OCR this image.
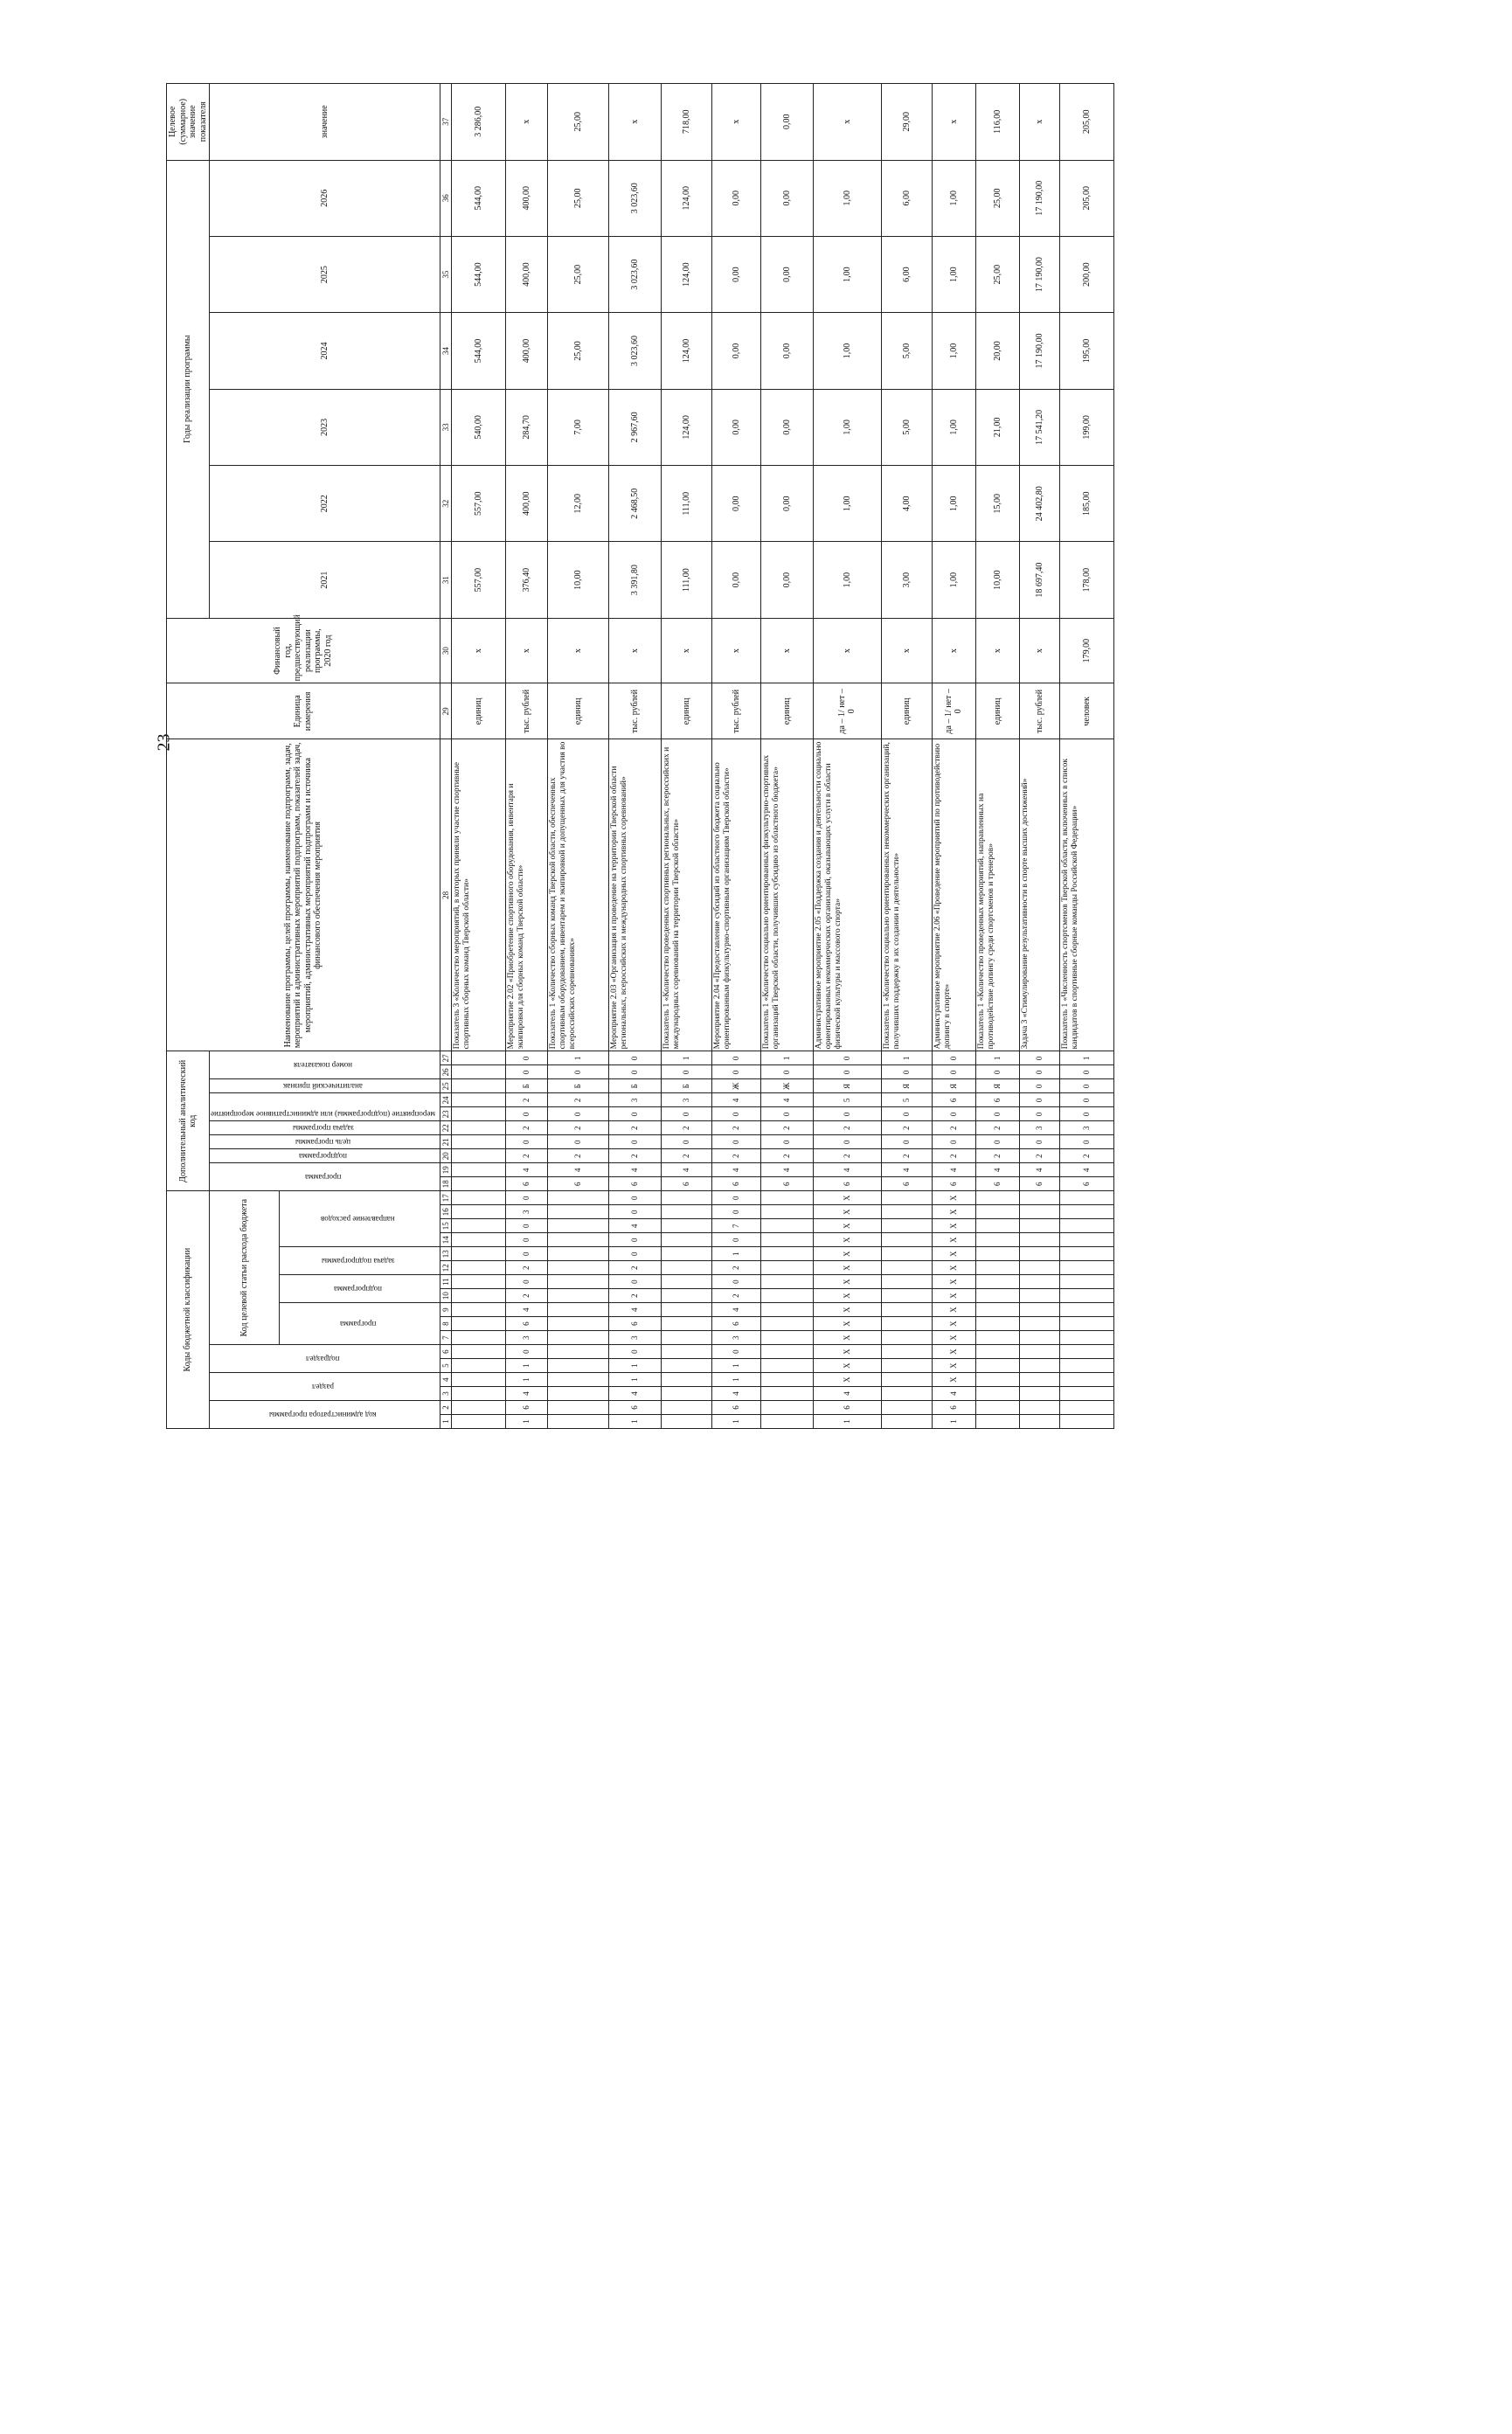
23
Коды бюджетной классификации																	Дополнительный аналитический код										Наименование программы, целей программы, наименование подпрограмм, задач, мероприятий и административных мероприятий подпрограмм, показателей задач, мероприятий, административных мероприятий подпрограмм и источника финансового обеспечения мероприятия	Единица измерения	Финансовый год, предшествующий реализации программы, 2020 год	Годы реализации программы						Целевое (суммарное) значение показателя
код администратора программы		раздел		подраздел		Код целевой статьи расхода бюджета											программа		подпрограмма	цель программы	задача программы	мероприятие (подпрограммы) или административное мероприятие		аналитический признак	номер показателя					2021	2022	2023	2024	2025	2026	значение
						программа			подпрограмма		задача подпрограммы		направление расходов																							
1	2	3	4	5	6	7	8	9	10	11	12	13	14	15	16	17	18	19	20	21	22	23	24	25	26	27	28	29	30	31	32	33	34	35	36	37
																											Показатель 3 «Количество мероприятий, в которых приняли участие спортивные спортивных сборных команд Тверской области»	единиц	x	557,00	557,00	540,00	544,00	544,00	544,00	3 286,00
1	6	4	1	1	0	3	6	4	2	0	2	0	0	0	3	0	6	4	2	0	2	0	2	Б	0	0	Мероприятие 2.02 «Приобретение спортивного оборудования, инвентаря и экипировки для сборных команд Тверской области»	тыс. рублей	x	376,40	400,00	284,70	400,00	400,00	400,00	x
																	6	4	2	0	2	0	2	Б	0	1	Показатель 1 «Количество сборных команд Тверской области, обеспеченных спортивным оборудованием, инвентарем и экипировкой и допущенных для участия во всероссийских соревнованиях»	единиц	x	10,00	12,00	7,00	25,00	25,00	25,00	25,00
1	6	4	1	1	0	3	6	4	2	0	2	0	0	4	0	0	6	4	2	0	2	0	3	Б	0	0	Мероприятие 2.03 «Организация и проведение на территории Тверской области региональных, всероссийских и международных спортивных соревнований»	тыс. рублей	x	3 391,80	2 468,50	2 967,60	3 023,60	3 023,60	3 023,60	x
																	6	4	2	0	2	0	3	Б	0	1	Показатель 1 «Количество проведенных спортивных региональных, всероссийских и международных соревнований на территории Тверской области»	единиц	x	111,00	111,00	124,00	124,00	124,00	124,00	718,00
1	6	4	1	1	0	3	6	4	2	0	2	1	0	7	0	0	6	4	2	0	2	0	4	Ж	0	0	Мероприятие 2.04 «Предоставление субсидий из областного бюджета социально ориентированным физкультурно-спортивным организациям Тверской области»	тыс. рублей	x	0,00	0,00	0,00	0,00	0,00	0,00	x
																	6	4	2	0	2	0	4	Ж	0	1	Показатель 1 «Количество социально ориентированных физкультурно-спортивных организаций Тверской области, получивших субсидию из областного бюджета»	единиц	x	0,00	0,00	0,00	0,00	0,00	0,00	0,00
1	6	4	X	X	X	X	X	X	X	X	X	X	X	X	X	X	6	4	2	0	2	0	5	Я	0	0	Административное мероприятие 2.05 «Поддержка создания и деятельности социально ориентированных некоммерческих организаций, оказывающих услуги в области физической культуры и массового спорта»	да – 1/ нет – 0	x	1,00	1,00	1,00	1,00	1,00	1,00	x
																	6	4	2	0	2	0	5	Я	0	1	Показатель 1 «Количество социально ориентированных некоммерческих организаций, получивших поддержку в их создании и деятельности»	единиц	x	3,00	4,00	5,00	5,00	6,00	6,00	29,00
1	6	4	X	X	X	X	X	X	X	X	X	X	X	X	X	X	6	4	2	0	2	0	6	Я	0	0	Административное мероприятие 2.06 «Проведение мероприятий по противодействию допингу в спорте»	да – 1/ нет – 0	x	1,00	1,00	1,00	1,00	1,00	1,00	x
																	6	4	2	0	2	0	6	Я	0	1	Показатель 1 «Количество проведенных мероприятий, направленных на противодействие допингу среди спортсменов и тренеров»	единиц	x	10,00	15,00	21,00	20,00	25,00	25,00	116,00
																	6	4	2	0	3	0	0	0	0	0	Задача 3 «Стимулирование результативности в спорте высших достижений»	тыс. рублей	x	18 697,40	24 402,80	17 541,20	17 190,00	17 190,00	17 190,00	x
																	6	4	2	0	3	0	0	0	0	1	Показатель 1 «Численность спортсменов Тверской области, включенных в список кандидатов в спортивные сборные команды Российской Федерации»	человек	179,00	178,00	185,00	199,00	195,00	200,00	205,00	205,00
